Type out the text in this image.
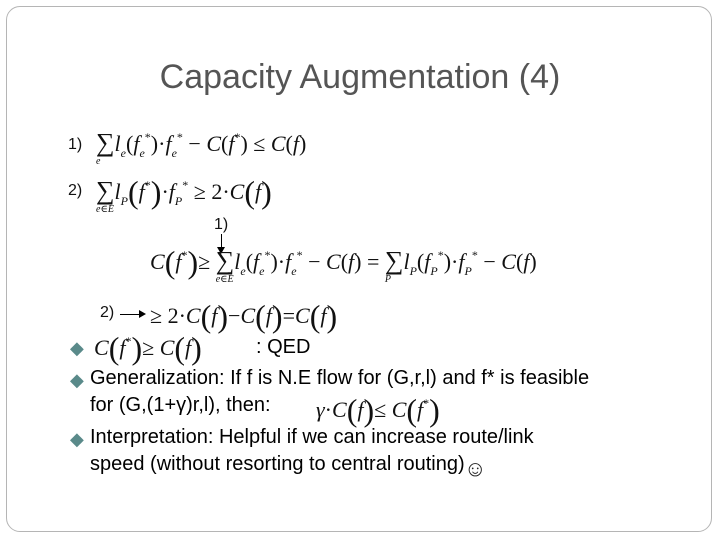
Capacity Augmentation (4)
1) ∑
e
$l_e(f_e^*)\cdot f_e^* - C(f^*) \le C(f)$
2) ∑
e∈E
$l_P(f^*)\cdot f_P^* \ge 2\cdot C(f)$
1)
C(f*)≥ ∑
e∈E
$l_e(f_e^*)\cdot f_e^* - C(f)$ = ∑
P
$l_P(f_P^*)\cdot f_P^* - C(f)$
2) ≥ 2·C(f)−C(f)=C(f)
◆ C(f*)≥ C(f)	: QED
◆ Generalization: If f is N.E flow for (G,r,l) and f* is feasible
for (G,(1+γ)r,l), then: γ·C(f)≤ C(f*)
◆ Interpretation: Helpful if we can increase route/link
speed (without resorting to central routing) ☺
